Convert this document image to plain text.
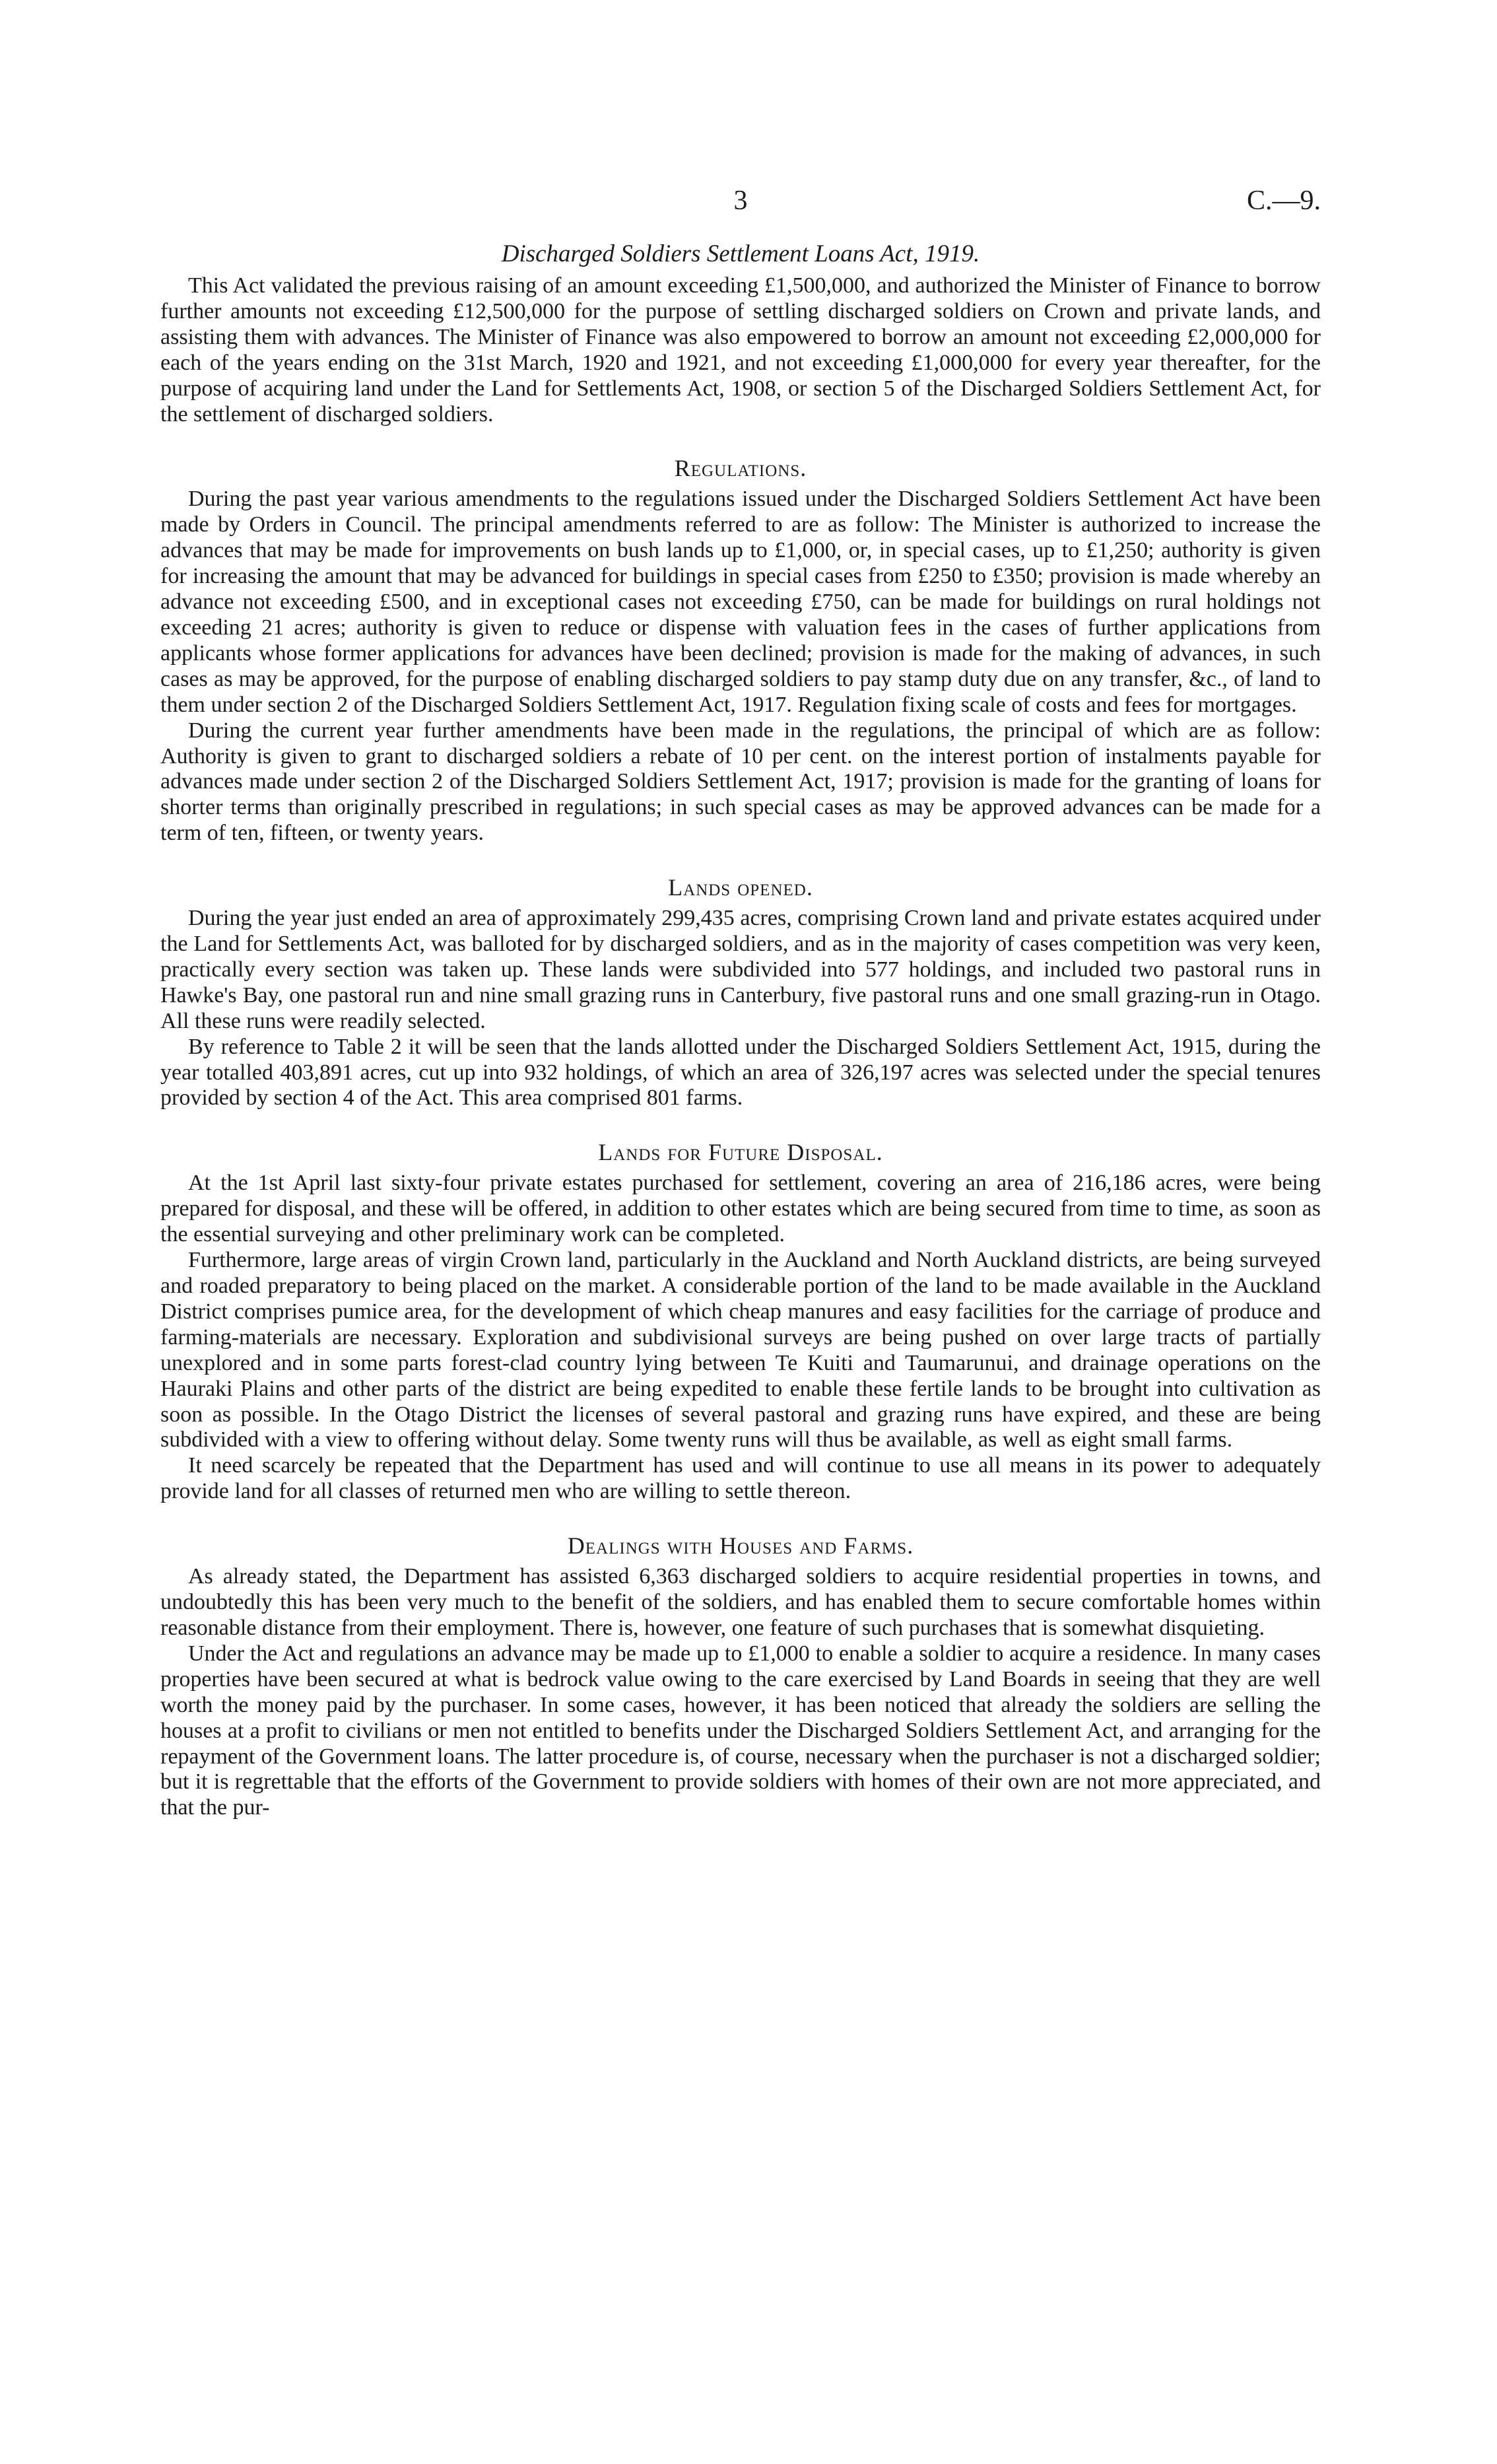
3	C.—9.
Discharged Soldiers Settlement Loans Act, 1919.

This Act validated the previous raising of an amount exceeding £1,500,000, and authorized the Minister of Finance to borrow further amounts not exceeding £12,500,000 for the purpose of settling discharged soldiers on Crown and private lands, and assisting them with advances. The Minister of Finance was also empowered to borrow an amount not exceeding £2,000,000 for each of the years ending on the 31st March, 1920 and 1921, and not exceeding £1,000,000 for every year thereafter, for the purpose of acquiring land under the Land for Settlements Act, 1908, or section 5 of the Discharged Soldiers Settlement Act, for the settlement of discharged soldiers.

Regulations.

During the past year various amendments to the regulations issued under the Discharged Soldiers Settlement Act have been made by Orders in Council. The principal amendments referred to are as follow: The Minister is authorized to increase the advances that may be made for improvements on bush lands up to £1,000, or, in special cases, up to £1,250; authority is given for increasing the amount that may be advanced for buildings in special cases from £250 to £350; provision is made whereby an advance not exceeding £500, and in exceptional cases not exceeding £750, can be made for buildings on rural holdings not exceeding 21 acres; authority is given to reduce or dispense with valuation fees in the cases of further applications from applicants whose former applications for advances have been declined; provision is made for the making of advances, in such cases as may be approved, for the purpose of enabling discharged soldiers to pay stamp duty due on any transfer, &c., of land to them under section 2 of the Discharged Soldiers Settlement Act, 1917. Regulation fixing scale of costs and fees for mortgages.

During the current year further amendments have been made in the regulations, the principal of which are as follow: Authority is given to grant to discharged soldiers a rebate of 10 per cent. on the interest portion of instalments payable for advances made under section 2 of the Discharged Soldiers Settlement Act, 1917; provision is made for the granting of loans for shorter terms than originally prescribed in regulations; in such special cases as may be approved advances can be made for a term of ten, fifteen, or twenty years.

Lands opened.

During the year just ended an area of approximately 299,435 acres, comprising Crown land and private estates acquired under the Land for Settlements Act, was balloted for by discharged soldiers, and as in the majority of cases competition was very keen, practically every section was taken up. These lands were subdivided into 577 holdings, and included two pastoral runs in Hawke's Bay, one pastoral run and nine small grazing runs in Canterbury, five pastoral runs and one small grazing-run in Otago. All these runs were readily selected.

By reference to Table 2 it will be seen that the lands allotted under the Discharged Soldiers Settlement Act, 1915, during the year totalled 403,891 acres, cut up into 932 holdings, of which an area of 326,197 acres was selected under the special tenures provided by section 4 of the Act. This area comprised 801 farms.

Lands for Future Disposal.

At the 1st April last sixty-four private estates purchased for settlement, covering an area of 216,186 acres, were being prepared for disposal, and these will be offered, in addition to other estates which are being secured from time to time, as soon as the essential surveying and other preliminary work can be completed.

Furthermore, large areas of virgin Crown land, particularly in the Auckland and North Auckland districts, are being surveyed and roaded preparatory to being placed on the market. A considerable portion of the land to be made available in the Auckland District comprises pumice area, for the development of which cheap manures and easy facilities for the carriage of produce and farming-materials are necessary. Exploration and subdivisional surveys are being pushed on over large tracts of partially unexplored and in some parts forest-clad country lying between Te Kuiti and Taumarunui, and drainage operations on the Hauraki Plains and other parts of the district are being expedited to enable these fertile lands to be brought into cultivation as soon as possible. In the Otago District the licenses of several pastoral and grazing runs have expired, and these are being subdivided with a view to offering without delay. Some twenty runs will thus be available, as well as eight small farms.

It need scarcely be repeated that the Department has used and will continue to use all means in its power to adequately provide land for all classes of returned men who are willing to settle thereon.

Dealings with Houses and Farms.

As already stated, the Department has assisted 6,363 discharged soldiers to acquire residential properties in towns, and undoubtedly this has been very much to the benefit of the soldiers, and has enabled them to secure comfortable homes within reasonable distance from their employment. There is, however, one feature of such purchases that is somewhat disquieting.

Under the Act and regulations an advance may be made up to £1,000 to enable a soldier to acquire a residence. In many cases properties have been secured at what is bedrock value owing to the care exercised by Land Boards in seeing that they are well worth the money paid by the purchaser. In some cases, however, it has been noticed that already the soldiers are selling the houses at a profit to civilians or men not entitled to benefits under the Discharged Soldiers Settlement Act, and arranging for the repayment of the Government loans. The latter procedure is, of course, necessary when the purchaser is not a discharged soldier; but it is regrettable that the efforts of the Government to provide soldiers with homes of their own are not more appreciated, and that the pur-
